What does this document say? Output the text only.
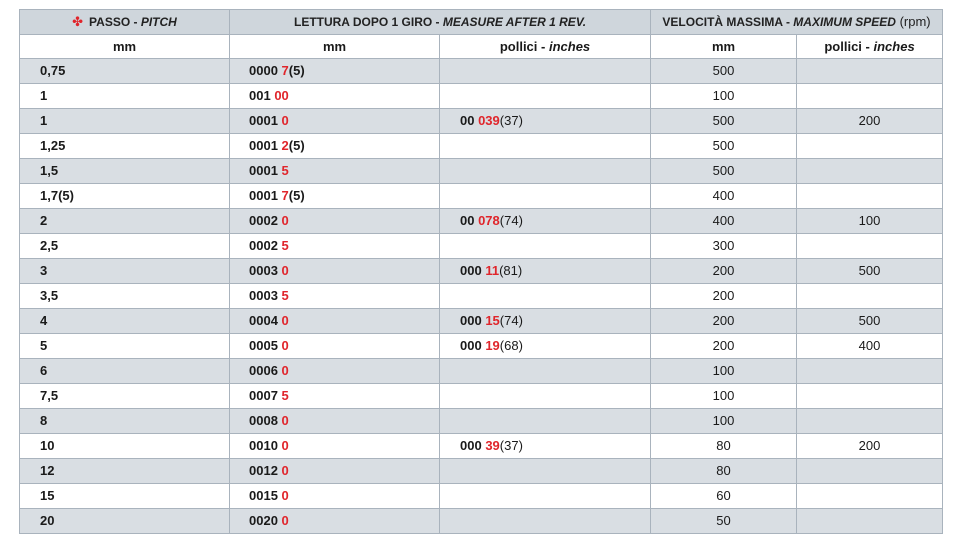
✤ PASSO - PITCH	LETTURA DOPO 1 GIRO - MEASURE AFTER 1 REV.		VELOCITÀ MASSIMA - MAXIMUM SPEED (rpm)	
mm	mm	pollici - inches	mm	pollici - inches
0,75	0000 7(5)		500	
1	001 00		100	
1	0001 0	00 039(37)	500	200
1,25	0001 2(5)		500	
1,5	0001 5		500	
1,7(5)	0001 7(5)		400	
2	0002 0	00 078(74)	400	100
2,5	0002 5		300	
3	0003 0	000 11(81)	200	500
3,5	0003 5		200	
4	0004 0	000 15(74)	200	500
5	0005 0	000 19(68)	200	400
6	0006 0		100	
7,5	0007 5		100	
8	0008 0		100	
10	0010 0	000 39(37)	80	200
12	0012 0		80	
15	0015 0		60	
20	0020 0		50	
